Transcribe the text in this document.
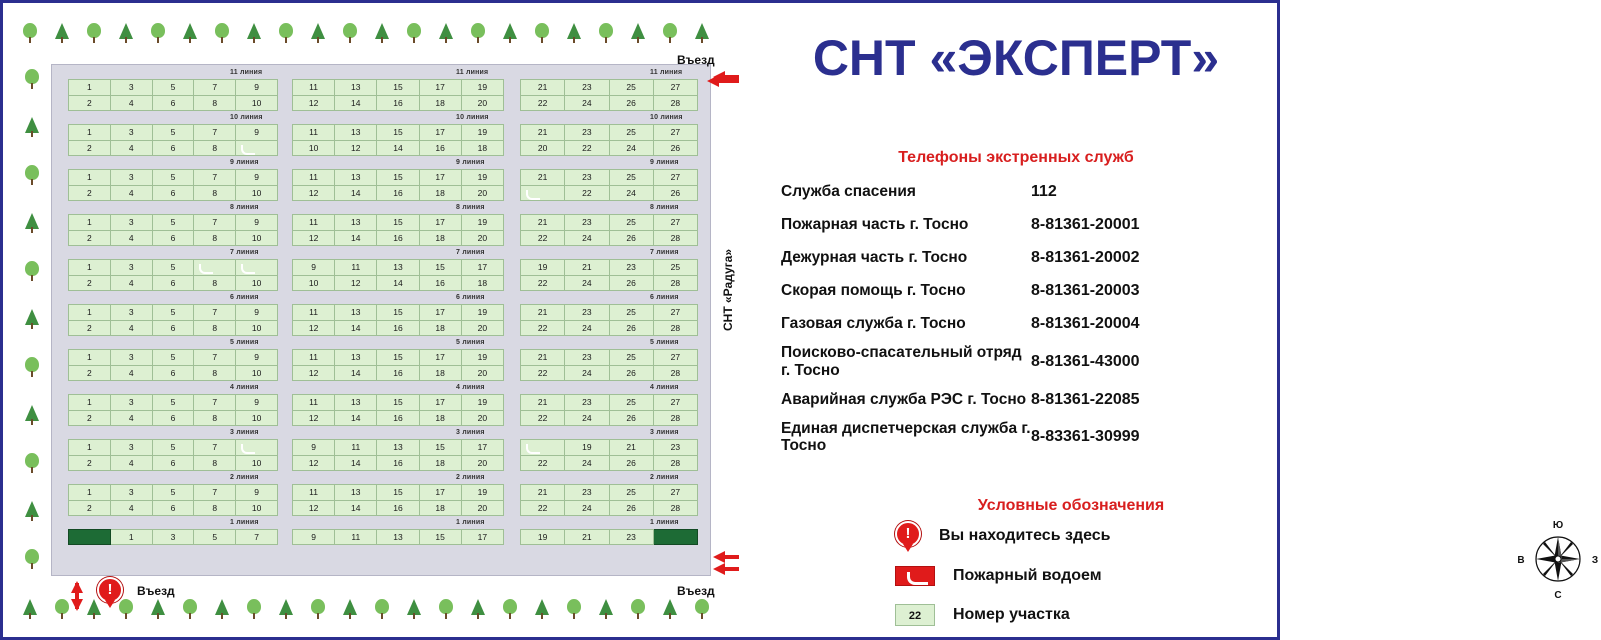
11 линия
1	3	5	7	9
2	4	6	8	10
11 линия
11	13	15	17	19
12	14	16	18	20
11 линия
21	23	25	27
22	24	26	28
10 линия
1	3	5	7	9
2	4	6	8	
10 линия
11	13	15	17	19
10	12	14	16	18
10 линия
21	23	25	27
20	22	24	26
9 линия
1	3	5	7	9
2	4	6	8	10
9 линия
11	13	15	17	19
12	14	16	18	20
9 линия
21	23	25	27
	22	24	26
8 линия
1	3	5	7	9
2	4	6	8	10
8 линия
11	13	15	17	19
12	14	16	18	20
8 линия
21	23	25	27
22	24	26	28
7 линия
1	3	5		
2	4	6	8	10
7 линия
9	11	13	15	17
10	12	14	16	18
7 линия
19	21	23	25
22	24	26	28
6 линия
1	3	5	7	9
2	4	6	8	10
6 линия
11	13	15	17	19
12	14	16	18	20
6 линия
21	23	25	27
22	24	26	28
5 линия
1	3	5	7	9
2	4	6	8	10
5 линия
11	13	15	17	19
12	14	16	18	20
5 линия
21	23	25	27
22	24	26	28
4 линия
1	3	5	7	9
2	4	6	8	10
4 линия
11	13	15	17	19
12	14	16	18	20
4 линия
21	23	25	27
22	24	26	28
3 линия
1	3	5	7	
2	4	6	8	10
3 линия
9	11	13	15	17
12	14	16	18	20
3 линия
	19	21	23
22	24	26	28
2 линия
1	3	5	7	9
2	4	6	8	10
2 линия
11	13	15	17	19
12	14	16	18	20
2 линия
21	23	25	27
22	24	26	28
1 линия
	1	3	5	7
1 линия
9	11	13	15	17
1 линия
19	21	23	
Въезд
Въезд
Въезд
!
СНТ «Радуга»
СНТ «ЭКСПЕРТ»
Телефоны экстренных служб
Служба спасения	112
Пожарная часть г. Тосно	8-81361-20001
Дежурная часть г. Тосно	8-81361-20002
Скорая помощь г. Тосно	8-81361-20003
Газовая служба г. Тосно	8-81361-20004
Поисково-спасательный отряд г. Тосно
8-81361-43000
Аварийная служба РЭС г. Тосно 8-81361-22085
Единая диспетчерская служба г. Тосно
8-83361-30999
Условные обозначения
Ю
С
З
В
!
Вы находитесь здесь
Пожарный водоем
22	Номер участка
